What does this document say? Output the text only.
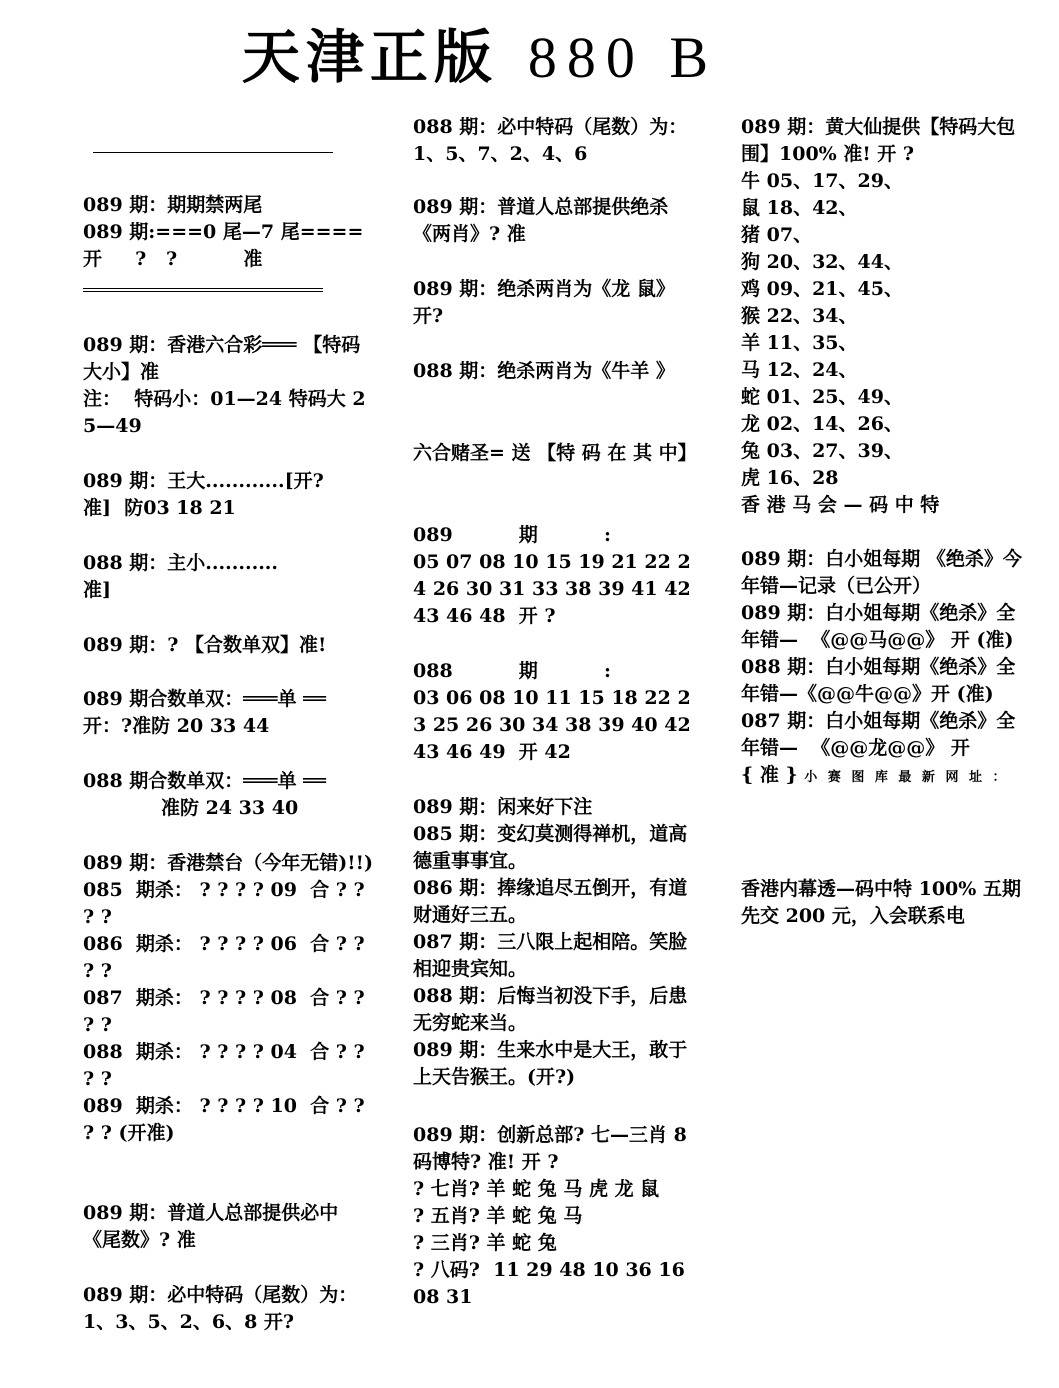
天津正版 880 B

089 期：期期禁两尾

089 期:===0 尾—7 尾====

开     ?   ?          准

089 期：香港六合彩═══ 【特码大小】准

注：  特码小：01—24 特码大 25—49

089 期：王大............[开?

准]  防03 18 21

088 期：主小...........

准]

089 期：? 【合数单双】准!

089 期合数单双：═══单 ══

开：?准防 20 33 44

088 期合数单双：═══单 ══

准防 24 33 40

089 期：香港禁台（今年无错)!!)

085  期杀： ? ? ? ? 09  合 ? ? ? ?

086  期杀： ? ? ? ? 06  合 ? ? ? ?

087  期杀： ? ? ? ? 08  合 ? ? ? ?

088  期杀： ? ? ? ? 04  合 ? ? ? ?

089  期杀： ? ? ? ? 10  合 ? ? ? ? (开准)

089 期：普道人总部提供必中《尾数》? 准

089 期：必中特码（尾数）为：

1、3、5、2、6、8 开?

088 期：必中特码（尾数）为：

1、5、7、2、4、6

089 期：普道人总部提供绝杀《两肖》? 准

089 期：绝杀两肖为《龙 鼠》开?

088 期：绝杀两肖为《牛羊 》

六合赌圣= 送 【特 码 在 其 中】

089          期          :

05 07 08 10 15 19 21 22 24 26 30 31 33 38 39 41 42 43 46 48  开 ?

088          期          :

03 06 08 10 11 15 18 22 23 25 26 30 34 38 39 40 42 43 46 49  开 42

089 期：闲来好下注

085 期：变幻莫测得禅机，道高德重事事宜。

086 期：捧缘追尽五倒开，有道财通好三五。

087 期：三八限上起相陪。笑脸相迎贵宾知。

088 期：后悔当初没下手，后患无穷蛇来当。

089 期：生来水中是大王，敢于上天告猴王。(开?)

089 期：创新总部? 七—三肖 8 码博特? 准! 开 ?

? 七肖? 羊 蛇 兔 马 虎 龙 鼠

? 五肖? 羊 蛇 兔 马

? 三肖? 羊 蛇 兔

? 八码?  11 29 48 10 36 16 08 31

089 期：黄大仙提供【特码大包围】100% 准! 开 ?

牛 05、17、29、

鼠 18、42、

猪 07、

狗 20、32、44、

鸡 09、21、45、

猴 22、34、

羊 11、35、

马 12、24、

蛇 01、25、49、

龙 02、14、26、

兔 03、27、39、

虎 16、28

香 港 马 会 — 码 中 特

089 期：白小姐每期 《绝杀》今年错—记录（已公开）

089 期：白小姐每期《绝杀》全年错—  《@@马@@》 开 (准)

088 期：白小姐每期《绝杀》全年错—《@@牛@@》开 (准)

087 期：白小姐每期《绝杀》全年错—  《@@龙@@》 开

{ 准 } 小 赛 图 库 最 新 网 址 ：

香港内幕透—码中特 100% 五期先交 200 元，入会联系电
